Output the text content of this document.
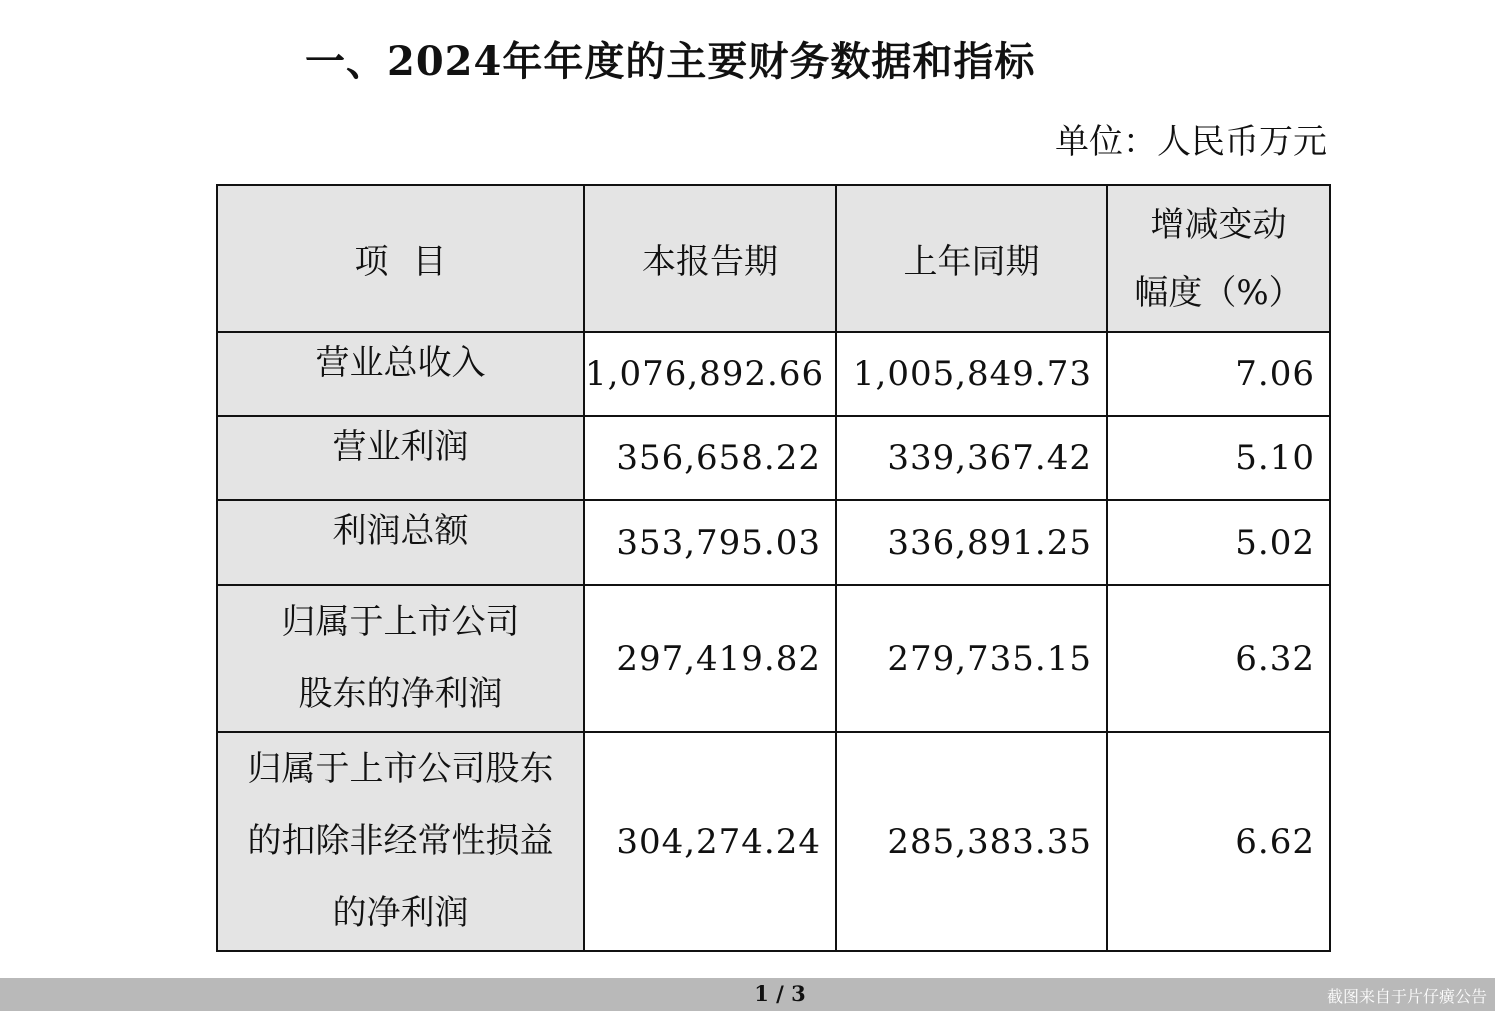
一、2024年年度的主要财务数据和指标
单位：人民币万元
项目	本报告期	上年同期	增减变动
幅度（%）

营业总收入	1,076,892.66	1,005,849.73	7.06

营业利润	356,658.22	339,367.42	5.10

利润总额	353,795.03	336,891.25	5.02

归属于上市公司
股东的净利润	297,419.82	279,735.15	6.32

归属于上市公司股东
的扣除非经常性损益
的净利润	304,274.24	285,383.35	6.62
1 / 3	截图来自于片仔癀公告
